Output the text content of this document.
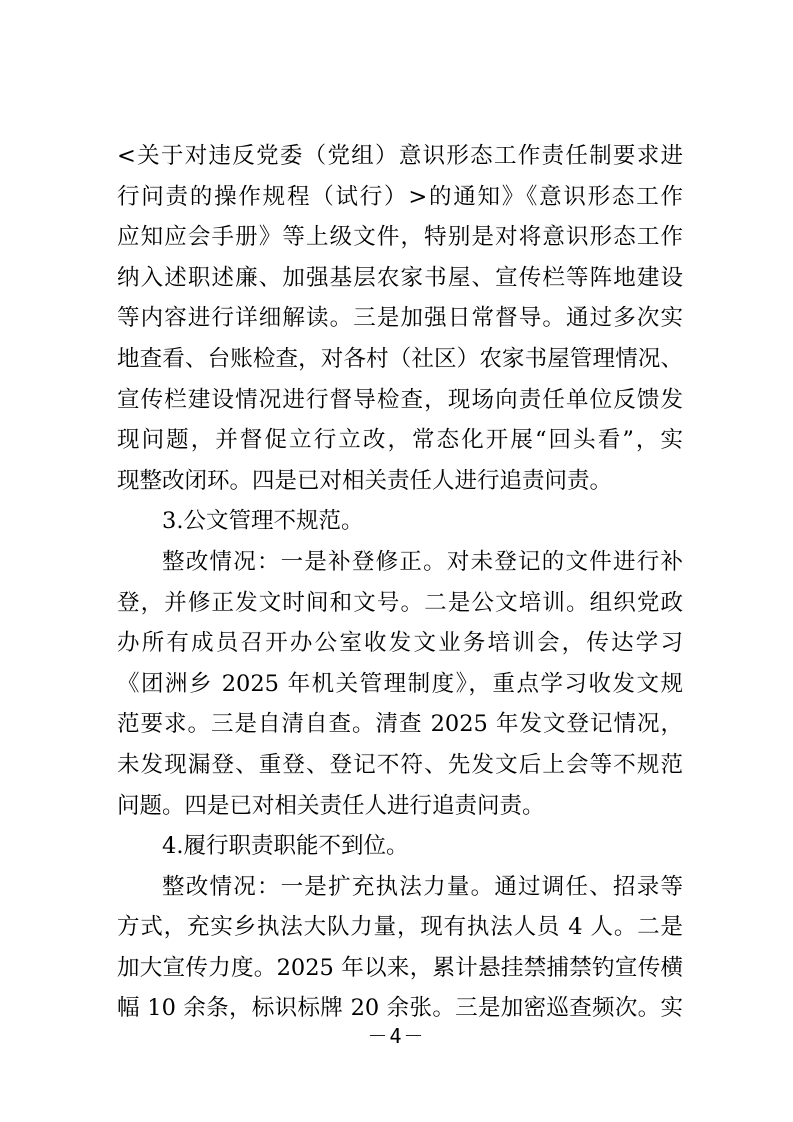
<关于对违反党委（党组）意识形态工作责任制要求进
行问责的操作规程（试行）>的通知》《意识形态工作
应知应会手册》等上级文件，特别是对将意识形态工作
纳入述职述廉、加强基层农家书屋、宣传栏等阵地建设
等内容进行详细解读。三是加强日常督导。通过多次实
地查看、台账检查，对各村（社区）农家书屋管理情况、
宣传栏建设情况进行督导检查，现场向责任单位反馈发
现问题，并督促立行立改，常态化开展“回头看”，实
现整改闭环。四是已对相关责任人进行追责问责。
3.公文管理不规范。
整改情况：一是补登修正。对未登记的文件进行补
登，并修正发文时间和文号。二是公文培训。组织党政
办所有成员召开办公室收发文业务培训会，传达学习
《团洲乡 2025 年机关管理制度》，重点学习收发文规
范要求。三是自清自查。清查 2025 年发文登记情况，
未发现漏登、重登、登记不符、先发文后上会等不规范
问题。四是已对相关责任人进行追责问责。
4.履行职责职能不到位。
整改情况：一是扩充执法力量。通过调任、招录等
方式，充实乡执法大队力量，现有执法人员 4 人。二是
加大宣传力度。2025 年以来，累计悬挂禁捕禁钓宣传横
幅 10 余条，标识标牌 20 余张。三是加密巡查频次。实
－4－
